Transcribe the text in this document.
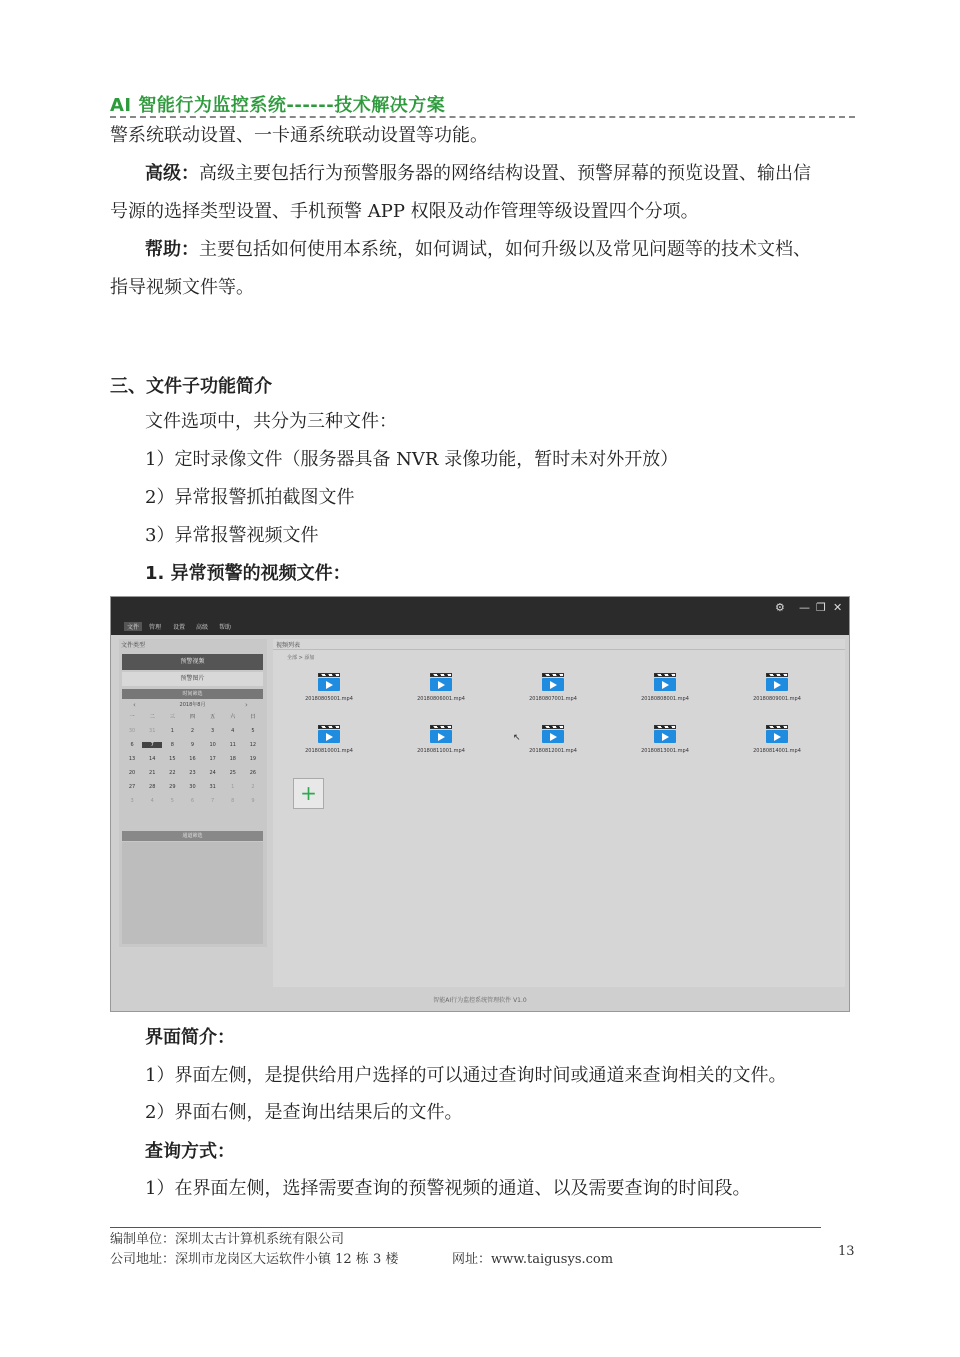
AI 智能行为监控系统------技术解决方案
警系统联动设置、一卡通系统联动设置等功能。
高级：高级主要包括行为预警服务器的网络结构设置、预警屏幕的预览设置、输出信
号源的选择类型设置、手机预警 APP 权限及动作管理等级设置四个分项。
帮助：主要包括如何使用本系统，如何调试，如何升级以及常见问题等的技术文档、
指导视频文件等。
三、文件子功能简介
文件选项中，共分为三种文件：
1）定时录像文件（服务器具备 NVR 录像功能，暂时未对外开放）
2）异常报警抓拍截图文件
3）异常报警视频文件
1. 异常预警的视频文件：
⚙ — ❐ ✕
文件	管理 设置 高级 帮助
文件类型
预警视频
预警图片
时间筛选
‹	2018年8月	›
一	二	三	四	五	六	日
30	31	1	2	3	4	5
6	7	8	9	10	11	12
13	14	15	16	17	18	19
20	21	22	23	24	25	26
27	28	29	30	31	1	2
3	4	5	6	7	8	9
通道筛选
视频列表
全部 > 添加
20180805001.mp4	20180806001.mp4	20180807001.mp4	20180808001.mp4	20180809001.mp4
20180810001.mp4	20180811001.mp4	20180812001.mp4	20180813001.mp4	20180814001.mp4
+
↖
智能AI行为监控系统管理软件 V1.0
界面简介：
1）界面左侧，是提供给用户选择的可以通过查询时间或通道来查询相关的文件。
2）界面右侧，是查询出结果后的文件。
查询方式：
1）在界面左侧，选择需要查询的预警视频的通道、以及需要查询的时间段。
编制单位：深圳太古计算机系统有限公司
公司地址：深圳市龙岗区大运软件小镇 12 栋 3 楼	网址：www.taigusys.com
13
